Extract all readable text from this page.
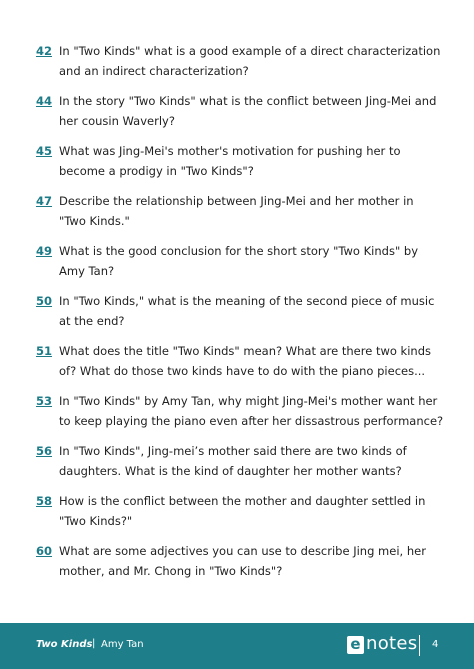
42 In "Two Kinds" what is a good example of a direct characterization and an indirect characterization?
44 In the story "Two Kinds" what is the conflict between Jing-Mei and her cousin Waverly?
45 What was Jing-Mei's mother's motivation for pushing her to become a prodigy in "Two Kinds"?
47 Describe the relationship between Jing-Mei and her mother in "Two Kinds."
49 What is the good conclusion for the short story "Two Kinds" by Amy Tan?
50 In "Two Kinds," what is the meaning of the second piece of music at the end?
51 What does the title "Two Kinds" mean? What are there two kinds of? What do those two kinds have to do with the piano pieces...
53 In "Two Kinds" by Amy Tan, why might Jing-Mei's mother want her to keep playing the piano even after her dissastrous performance?
56 In "Two Kinds", Jing-mei’s mother said there are two kinds of daughters. What is the kind of daughter her mother wants?
58 How is the conflict between the mother and daughter settled in "Two Kinds?"
60 What are some adjectives you can use to describe Jing mei, her mother, and Mr. Chong in "Two Kinds"?
Two Kinds | Amy Tan	e notes 4
